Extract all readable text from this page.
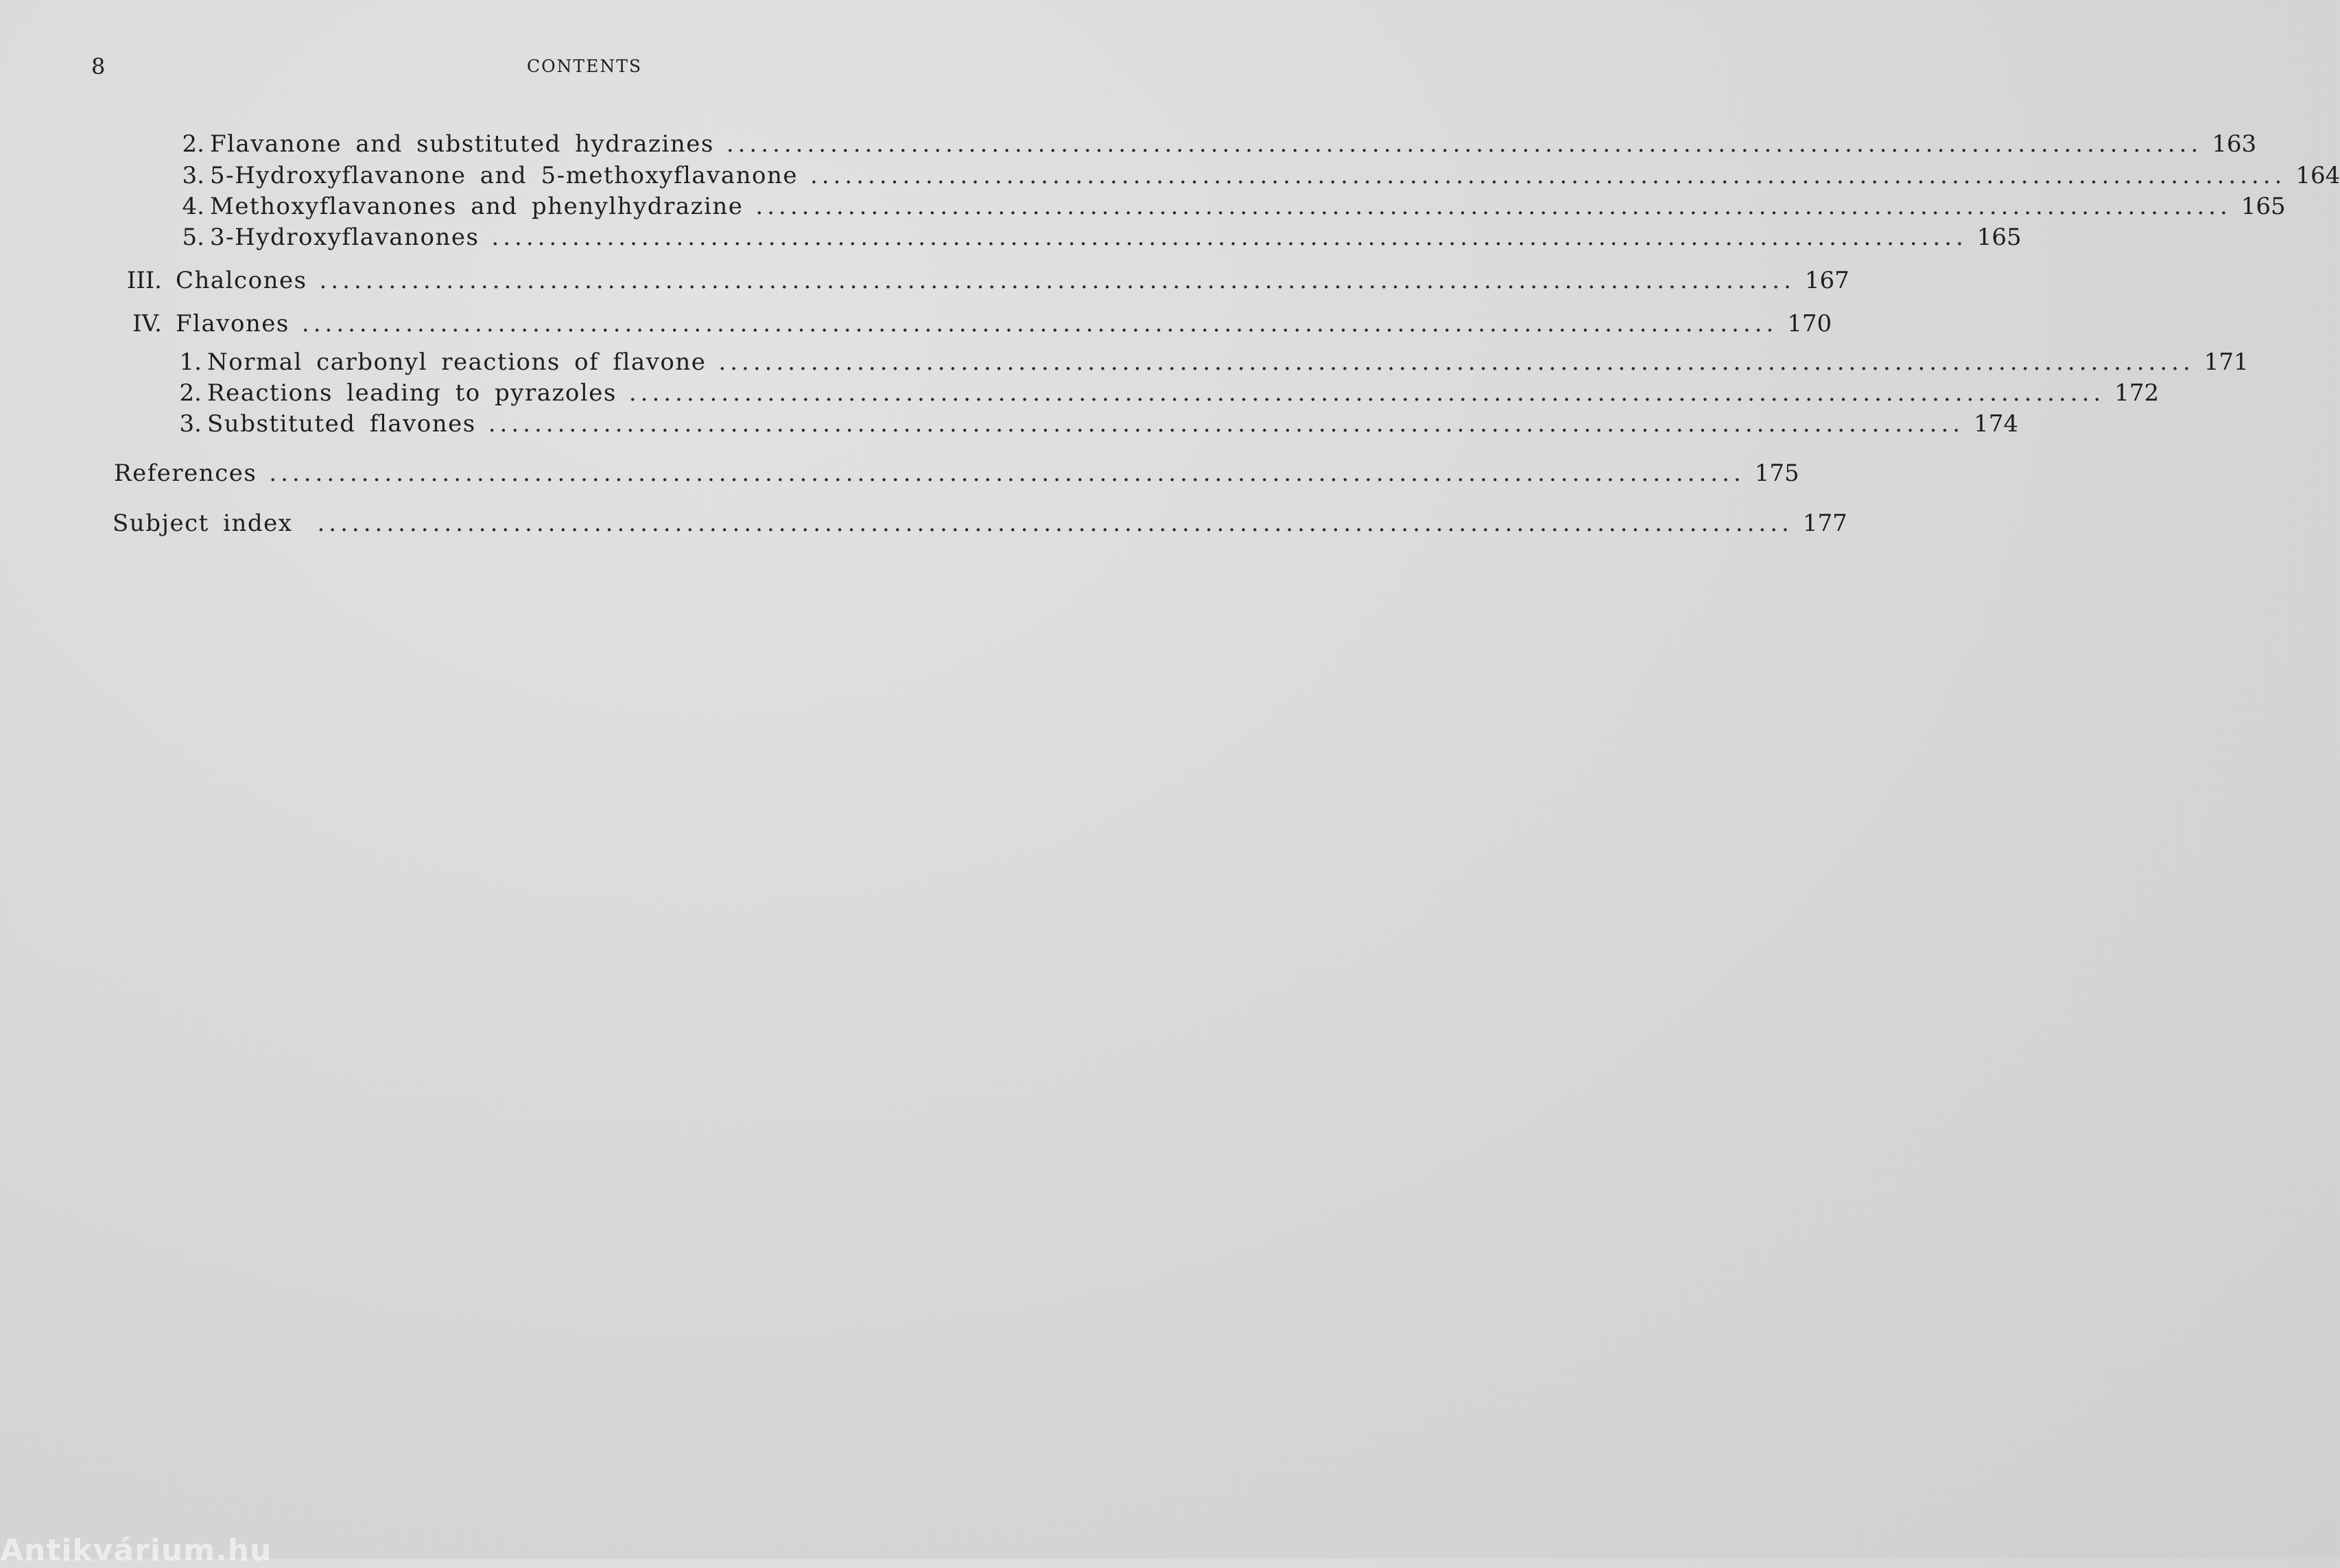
8	CONTENTS
2. Flavanone and substituted hydrazines ................................................................................................................................ 163
3. 5-Hydroxyflavanone and 5-methoxyflavanone ................................................................................................................................ 164
4. Methoxyflavanones and phenylhydrazine ................................................................................................................................ 165
5. 3-Hydroxyflavanones ................................................................................................................................ 165
III. Chalcones ................................................................................................................................ 167
IV. Flavones ................................................................................................................................ 170
1. Normal carbonyl reactions of flavone ................................................................................................................................ 171
2. Reactions leading to pyrazoles ................................................................................................................................ 172
3. Substituted flavones ................................................................................................................................ 174
References ................................................................................................................................ 175
Subject index ................................................................................................................................ 177
Antikvárium.hu
